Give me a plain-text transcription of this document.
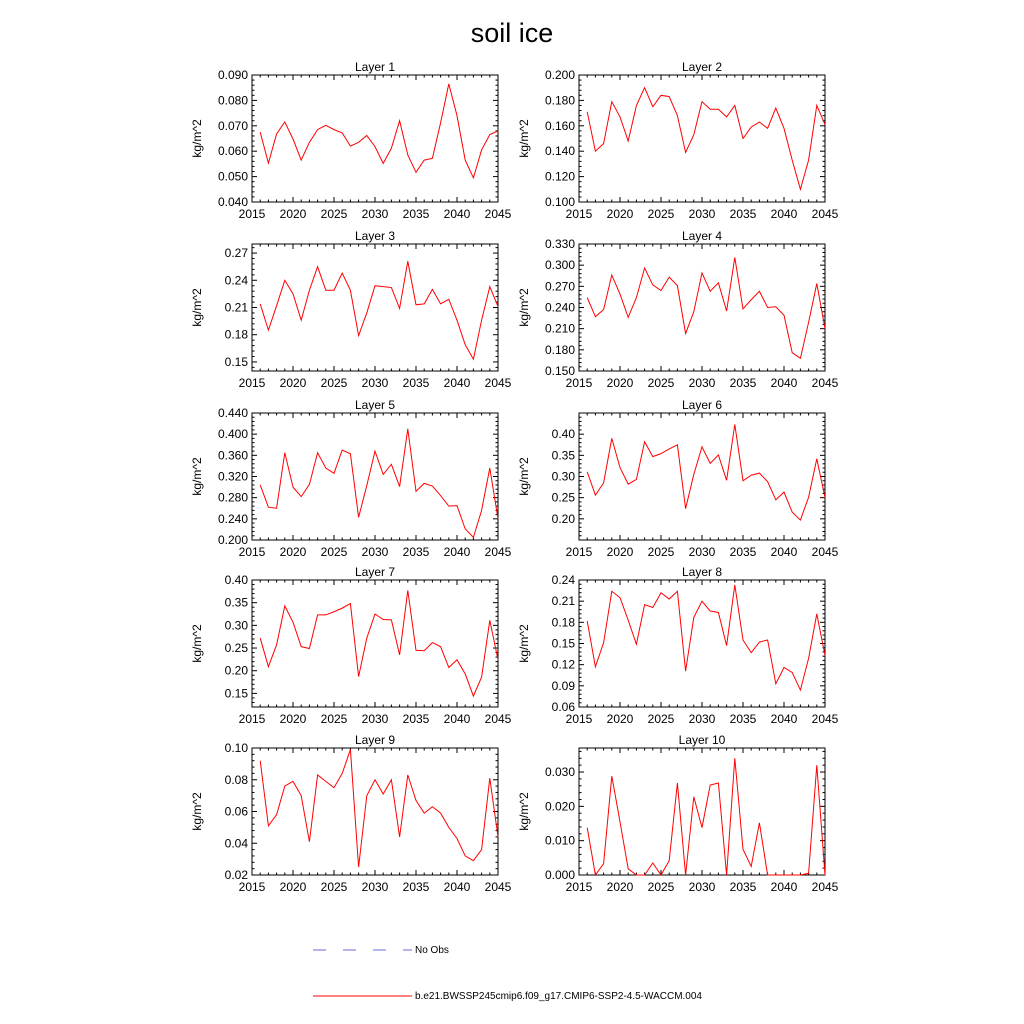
soil ice
Layer 1
kg/m^2
2015 2020 2025 2030 2035 2040 2045
0.040
0.050
0.060
0.070
0.080
0.090
Layer 2
kg/m^2
2015 2020 2025 2030 2035 2040 2045
0.100
0.120
0.140
0.160
0.180
0.200
Layer 3
kg/m^2
2015 2020 2025 2030 2035 2040 2045
0.15
0.18
0.21
0.24
0.27
Layer 4
kg/m^2
2015 2020 2025 2030 2035 2040 2045
0.150
0.180
0.210
0.240
0.270
0.300
0.330
Layer 5
kg/m^2
2015 2020 2025 2030 2035 2040 2045
0.200
0.240
0.280
0.320
0.360
0.400
0.440
Layer 6
kg/m^2
2015 2020 2025 2030 2035 2040 2045
0.20
0.25
0.30
0.35
0.40
Layer 7
kg/m^2
2015 2020 2025 2030 2035 2040 2045
0.15
0.20
0.25
0.30
0.35
0.40
Layer 8
kg/m^2
2015 2020 2025 2030 2035 2040 2045
0.06
0.09
0.12
0.15
0.18
0.21
0.24
Layer 9
kg/m^2
2015 2020 2025 2030 2035 2040 2045
0.02
0.04
0.06
0.08
0.10
Layer 10
kg/m^2
2015 2020 2025 2030 2035 2040 2045
0.000
0.010
0.020
0.030
No Obs
b.e21.BWSSP245cmip6.f09_g17.CMIP6-SSP2-4.5-WACCM.004
